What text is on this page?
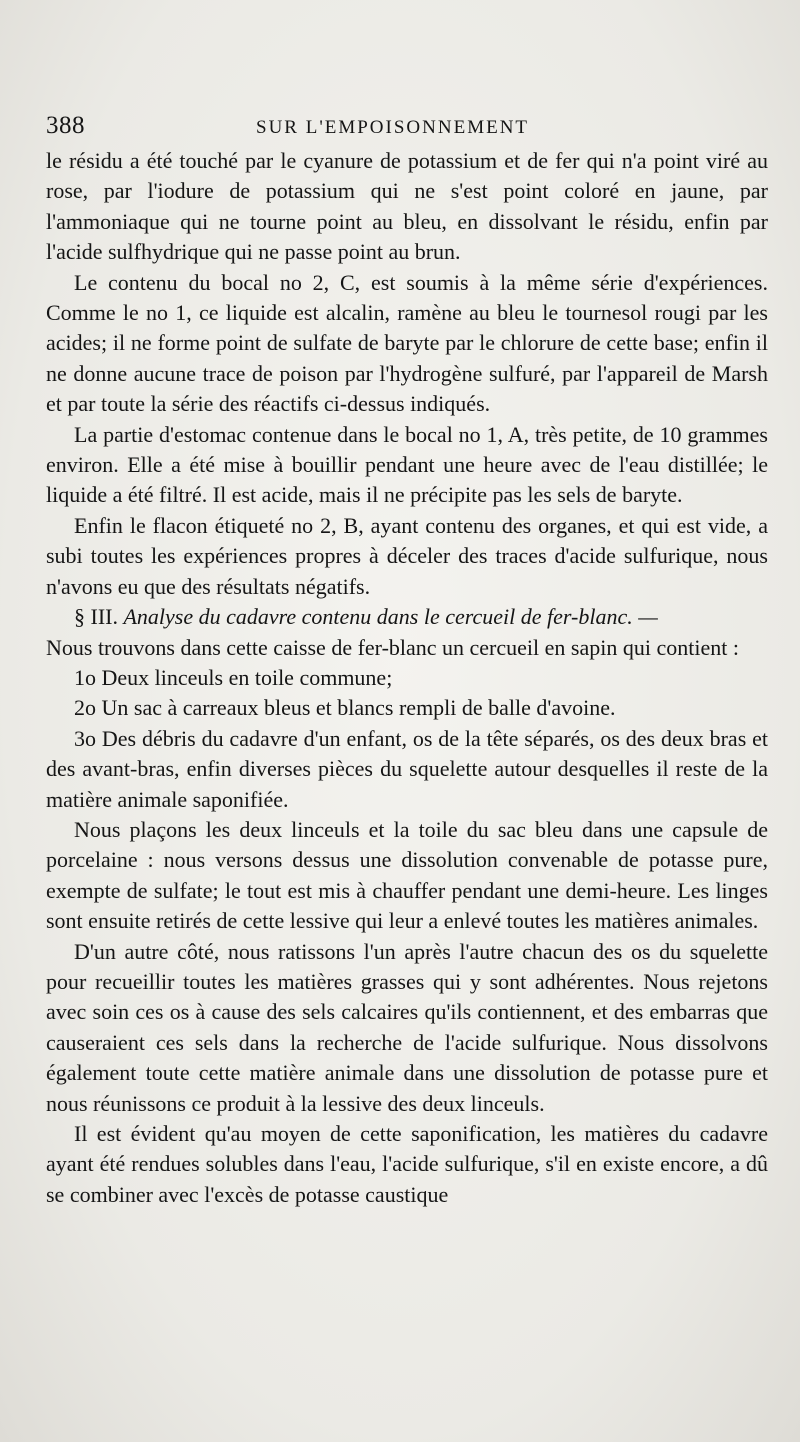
388	SUR L'EMPOISONNEMENT

le résidu a été touché par le cyanure de potassium et de fer qui n'a point viré au rose, par l'iodure de potassium qui ne s'est point coloré en jaune, par l'ammoniaque qui ne tourne point au bleu, en dissolvant le résidu, enfin par l'acide sulfhydrique qui ne passe point au brun.

Le contenu du bocal no 2, C, est soumis à la même série d'expériences. Comme le no 1, ce liquide est alcalin, ramène au bleu le tournesol rougi par les acides; il ne forme point de sulfate de baryte par le chlorure de cette base; enfin il ne donne aucune trace de poison par l'hydrogène sulfuré, par l'appareil de Marsh et par toute la série des réactifs ci-dessus indiqués.

La partie d'estomac contenue dans le bocal no 1, A, très petite, de 10 grammes environ. Elle a été mise à bouillir pendant une heure avec de l'eau distillée; le liquide a été filtré. Il est acide, mais il ne précipite pas les sels de baryte.

Enfin le flacon étiqueté no 2, B, ayant contenu des organes, et qui est vide, a subi toutes les expériences propres à déceler des traces d'acide sulfurique, nous n'avons eu que des résultats négatifs.

§ III. Analyse du cadavre contenu dans le cercueil de fer-blanc. —

Nous trouvons dans cette caisse de fer-blanc un cercueil en sapin qui contient :

1o Deux linceuls en toile commune;

2o Un sac à carreaux bleus et blancs rempli de balle d'avoine.

3o Des débris du cadavre d'un enfant, os de la tête séparés, os des deux bras et des avant-bras, enfin diverses pièces du squelette autour desquelles il reste de la matière animale saponifiée.

Nous plaçons les deux linceuls et la toile du sac bleu dans une capsule de porcelaine : nous versons dessus une dissolution convenable de potasse pure, exempte de sulfate; le tout est mis à chauffer pendant une demi-heure. Les linges sont ensuite retirés de cette lessive qui leur a enlevé toutes les matières animales.

D'un autre côté, nous ratissons l'un après l'autre chacun des os du squelette pour recueillir toutes les matières grasses qui y sont adhérentes. Nous rejetons avec soin ces os à cause des sels calcaires qu'ils contiennent, et des embarras que causeraient ces sels dans la recherche de l'acide sulfurique. Nous dissolvons également toute cette matière animale dans une dissolution de potasse pure et nous réunissons ce produit à la lessive des deux linceuls.

Il est évident qu'au moyen de cette saponification, les matières du cadavre ayant été rendues solubles dans l'eau, l'acide sulfurique, s'il en existe encore, a dû se combiner avec l'excès de potasse caustique
